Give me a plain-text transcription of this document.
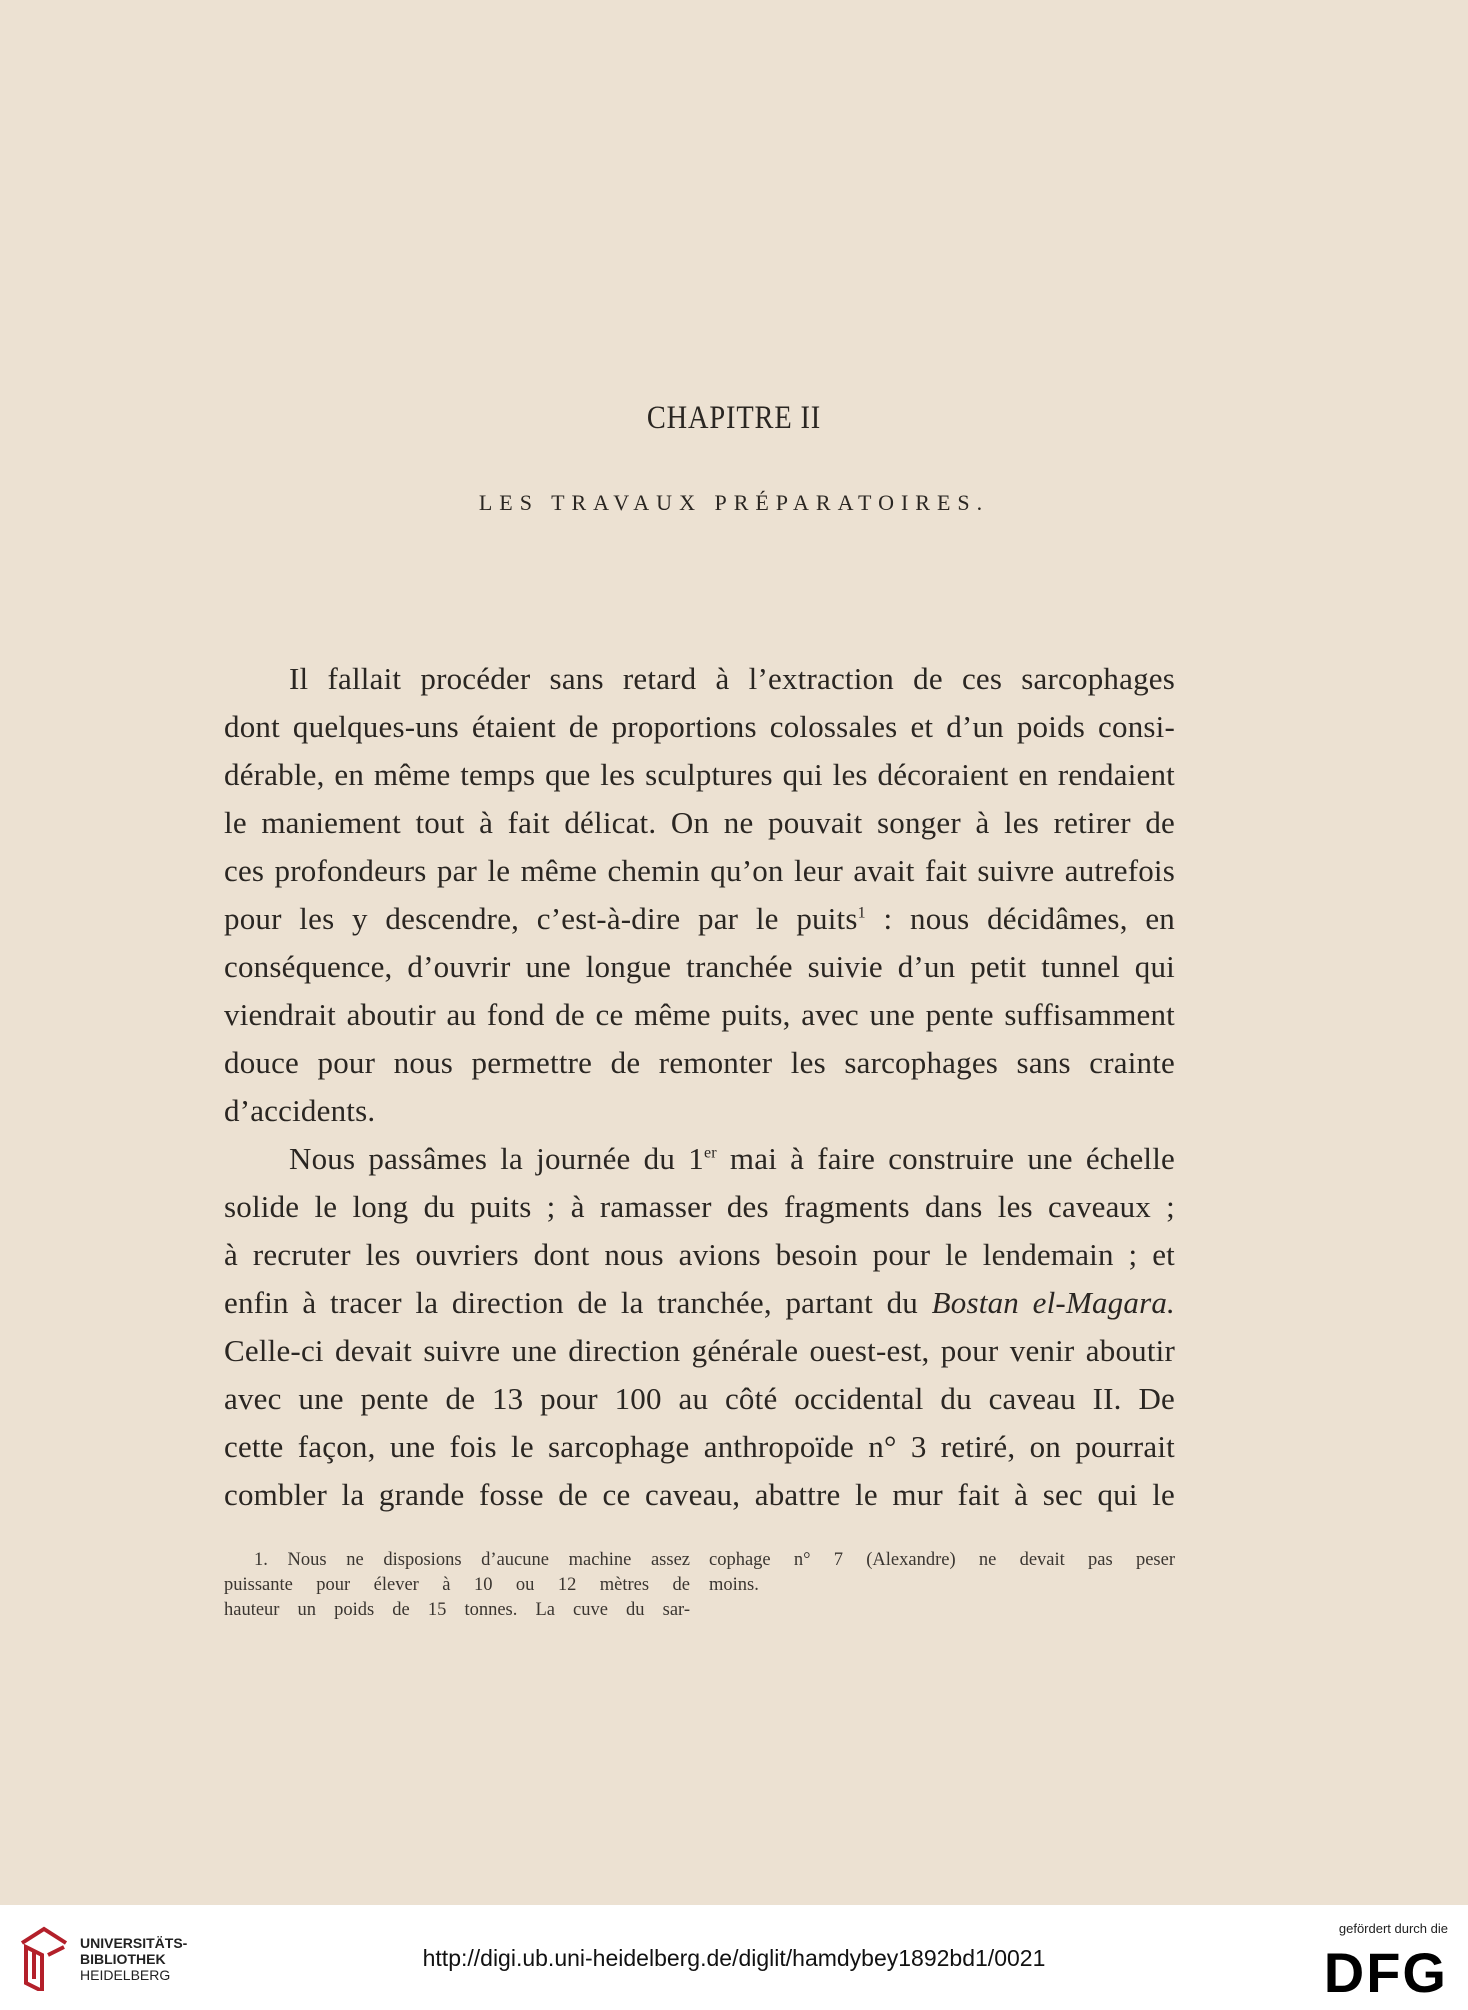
CHAPITRE II
LES TRAVAUX PRÉPARATOIRES.
Il fallait procéder sans retard à l’extraction de ces sarcophages
dont quelques-uns étaient de proportions colossales et d’un poids consi-
dérable, en même temps que les sculptures qui les décoraient en rendaient
le maniement tout à fait délicat. On ne pouvait songer à les retirer de
ces profondeurs par le même chemin qu’on leur avait fait suivre autrefois
pour les y descendre, c’est-à-dire par le puits$^1$ : nous décidâmes, en
conséquence, d’ouvrir une longue tranchée suivie d’un petit tunnel qui
viendrait aboutir au fond de ce même puits, avec une pente suffisamment
douce pour nous permettre de remonter les sarcophages sans crainte
d’accidents.
Nous passâmes la journée du 1er mai à faire construire une échelle
solide le long du puits ; à ramasser des fragments dans les caveaux ;
à recruter les ouvriers dont nous avions besoin pour le lendemain ; et
enfin à tracer la direction de la tranchée, partant du Bostan el-Magara.
Celle-ci devait suivre une direction générale ouest-est, pour venir aboutir
avec une pente de 13 pour 100 au côté occidental du caveau II. De
cette façon, une fois le sarcophage anthropoïde n° 3 retiré, on pourrait
combler la grande fosse de ce caveau, abattre le mur fait à sec qui le
1. Nous ne disposions d’aucune machine assez
puissante pour élever à 10 ou 12 mètres de
hauteur un poids de 15 tonnes. La cuve du sar-
cophage n° 7 (Alexandre) ne devait pas peser
moins.
UNIVERSITÄTS-
BIBLIOTHEK
HEIDELBERG
http://digi.ub.uni-heidelberg.de/diglit/hamdybey1892bd1/0021
gefördert durch die
DFG
